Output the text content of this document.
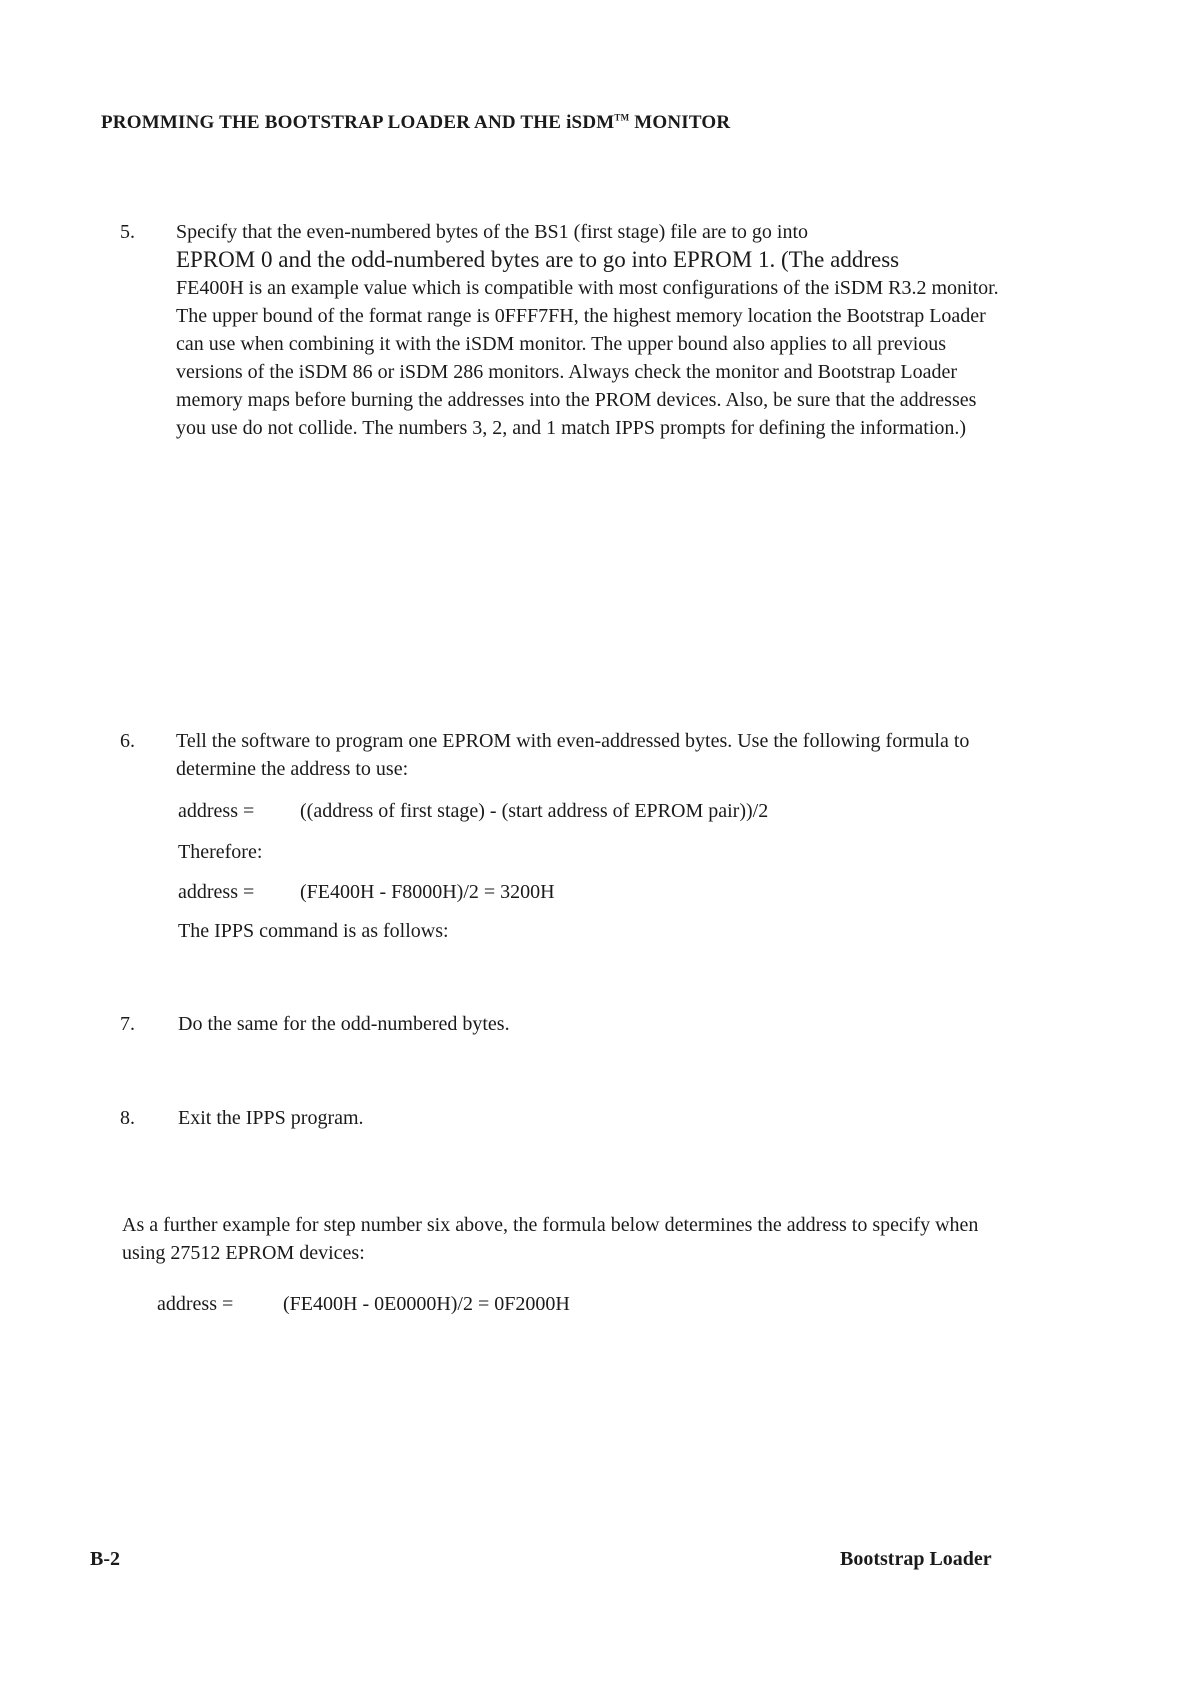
PROMMING THE BOOTSTRAP LOADER AND THE iSDM™ MONITOR
5. Specify that the even-numbered bytes of the BS1 (first stage) file are to go into

EPROM 0 and the odd-numbered bytes are to go into EPROM 1. (The address

FE400H is an example value which is compatible with most configurations of the iSDM R3.2 monitor. The upper bound of the format range is 0FFF7FH, the highest memory location the Bootstrap Loader can use when combining it with the iSDM monitor. The upper bound also applies to all previous versions of the iSDM 86 or iSDM 286 monitors. Always check the monitor and Bootstrap Loader memory maps before burning the addresses into the PROM devices. Also, be sure that the addresses you use do not collide. The numbers 3, 2, and 1 match IPPS prompts for defining the information.)

6. Tell the software to program one EPROM with even-addressed bytes. Use the following formula to determine the address to use:
address = ((address of first stage) - (start address of EPROM pair))/2
Therefore:
address = (FE400H - F8000H)/2 = 3200H
The IPPS command is as follows:
7. Do the same for the odd-numbered bytes.
8. Exit the IPPS program.
As a further example for step number six above, the formula below determines the address to specify when using 27512 EPROM devices:
address = (FE400H - 0E0000H)/2 = 0F2000H
B-2	Bootstrap Loader
